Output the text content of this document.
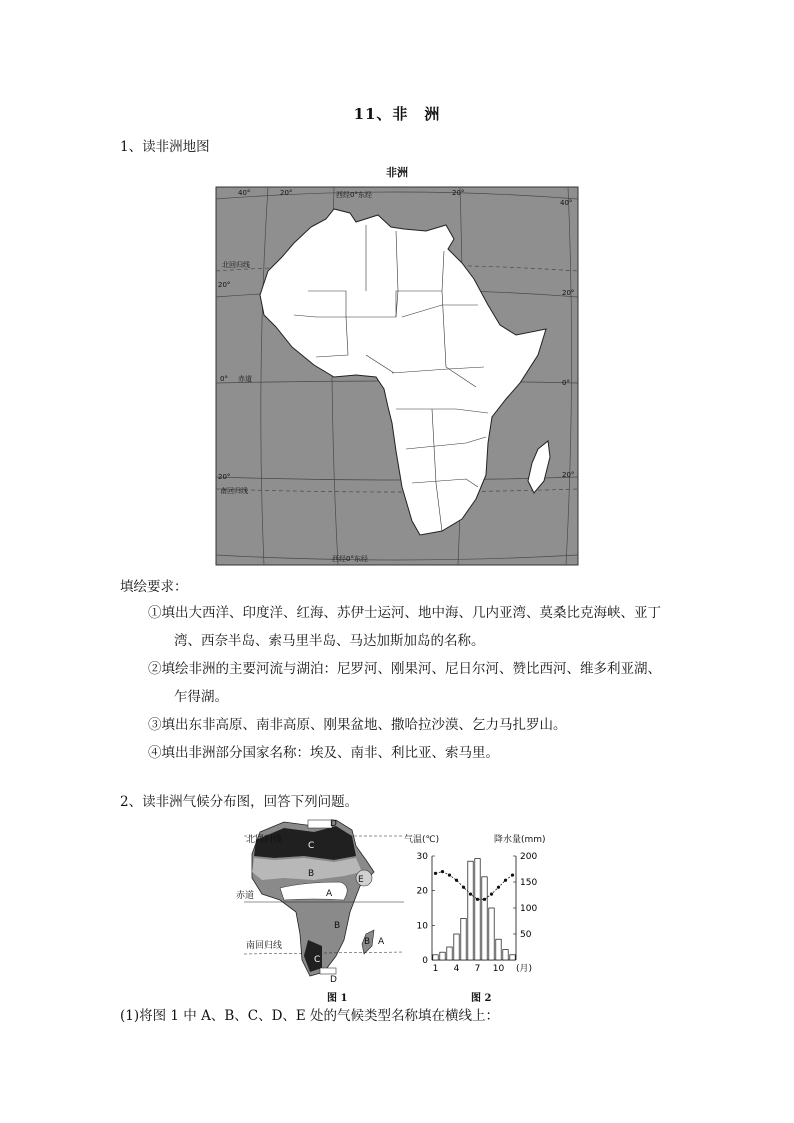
11、非　洲
1、读非洲地图
非洲
西经0°东经
西经0°东经
北回归线
南回归线
赤道
40°	20°	20°
40°
20°
20°
0°	0°
20°	20°
填绘要求：
①填出大西洋、印度洋、红海、苏伊士运河、地中海、几内亚湾、莫桑比克海峡、亚丁
湾、西奈半岛、索马里半岛、马达加斯加岛的名称。
②填绘非洲的主要河流与湖泊：尼罗河、刚果河、尼日尔河、赞比西河、维多利亚湖、
乍得湖。
③填出东非高原、南非高原、刚果盆地、撒哈拉沙漠、乞力马扎罗山。
④填出非洲部分国家名称：埃及、南非、利比亚、索马里。
2、读非洲气候分布图，回答下列问题。
北回归线
赤道
南回归线
D
C
B
E
A
B
B A
C
D
气温(℃)	降水量(mm)
(月)
0
10
20
30
50
100
150
200
1 4 7 10
图 1	图 2
(1)将图 1 中 A、B、C、D、E 处的气候类型名称填在横线上：
